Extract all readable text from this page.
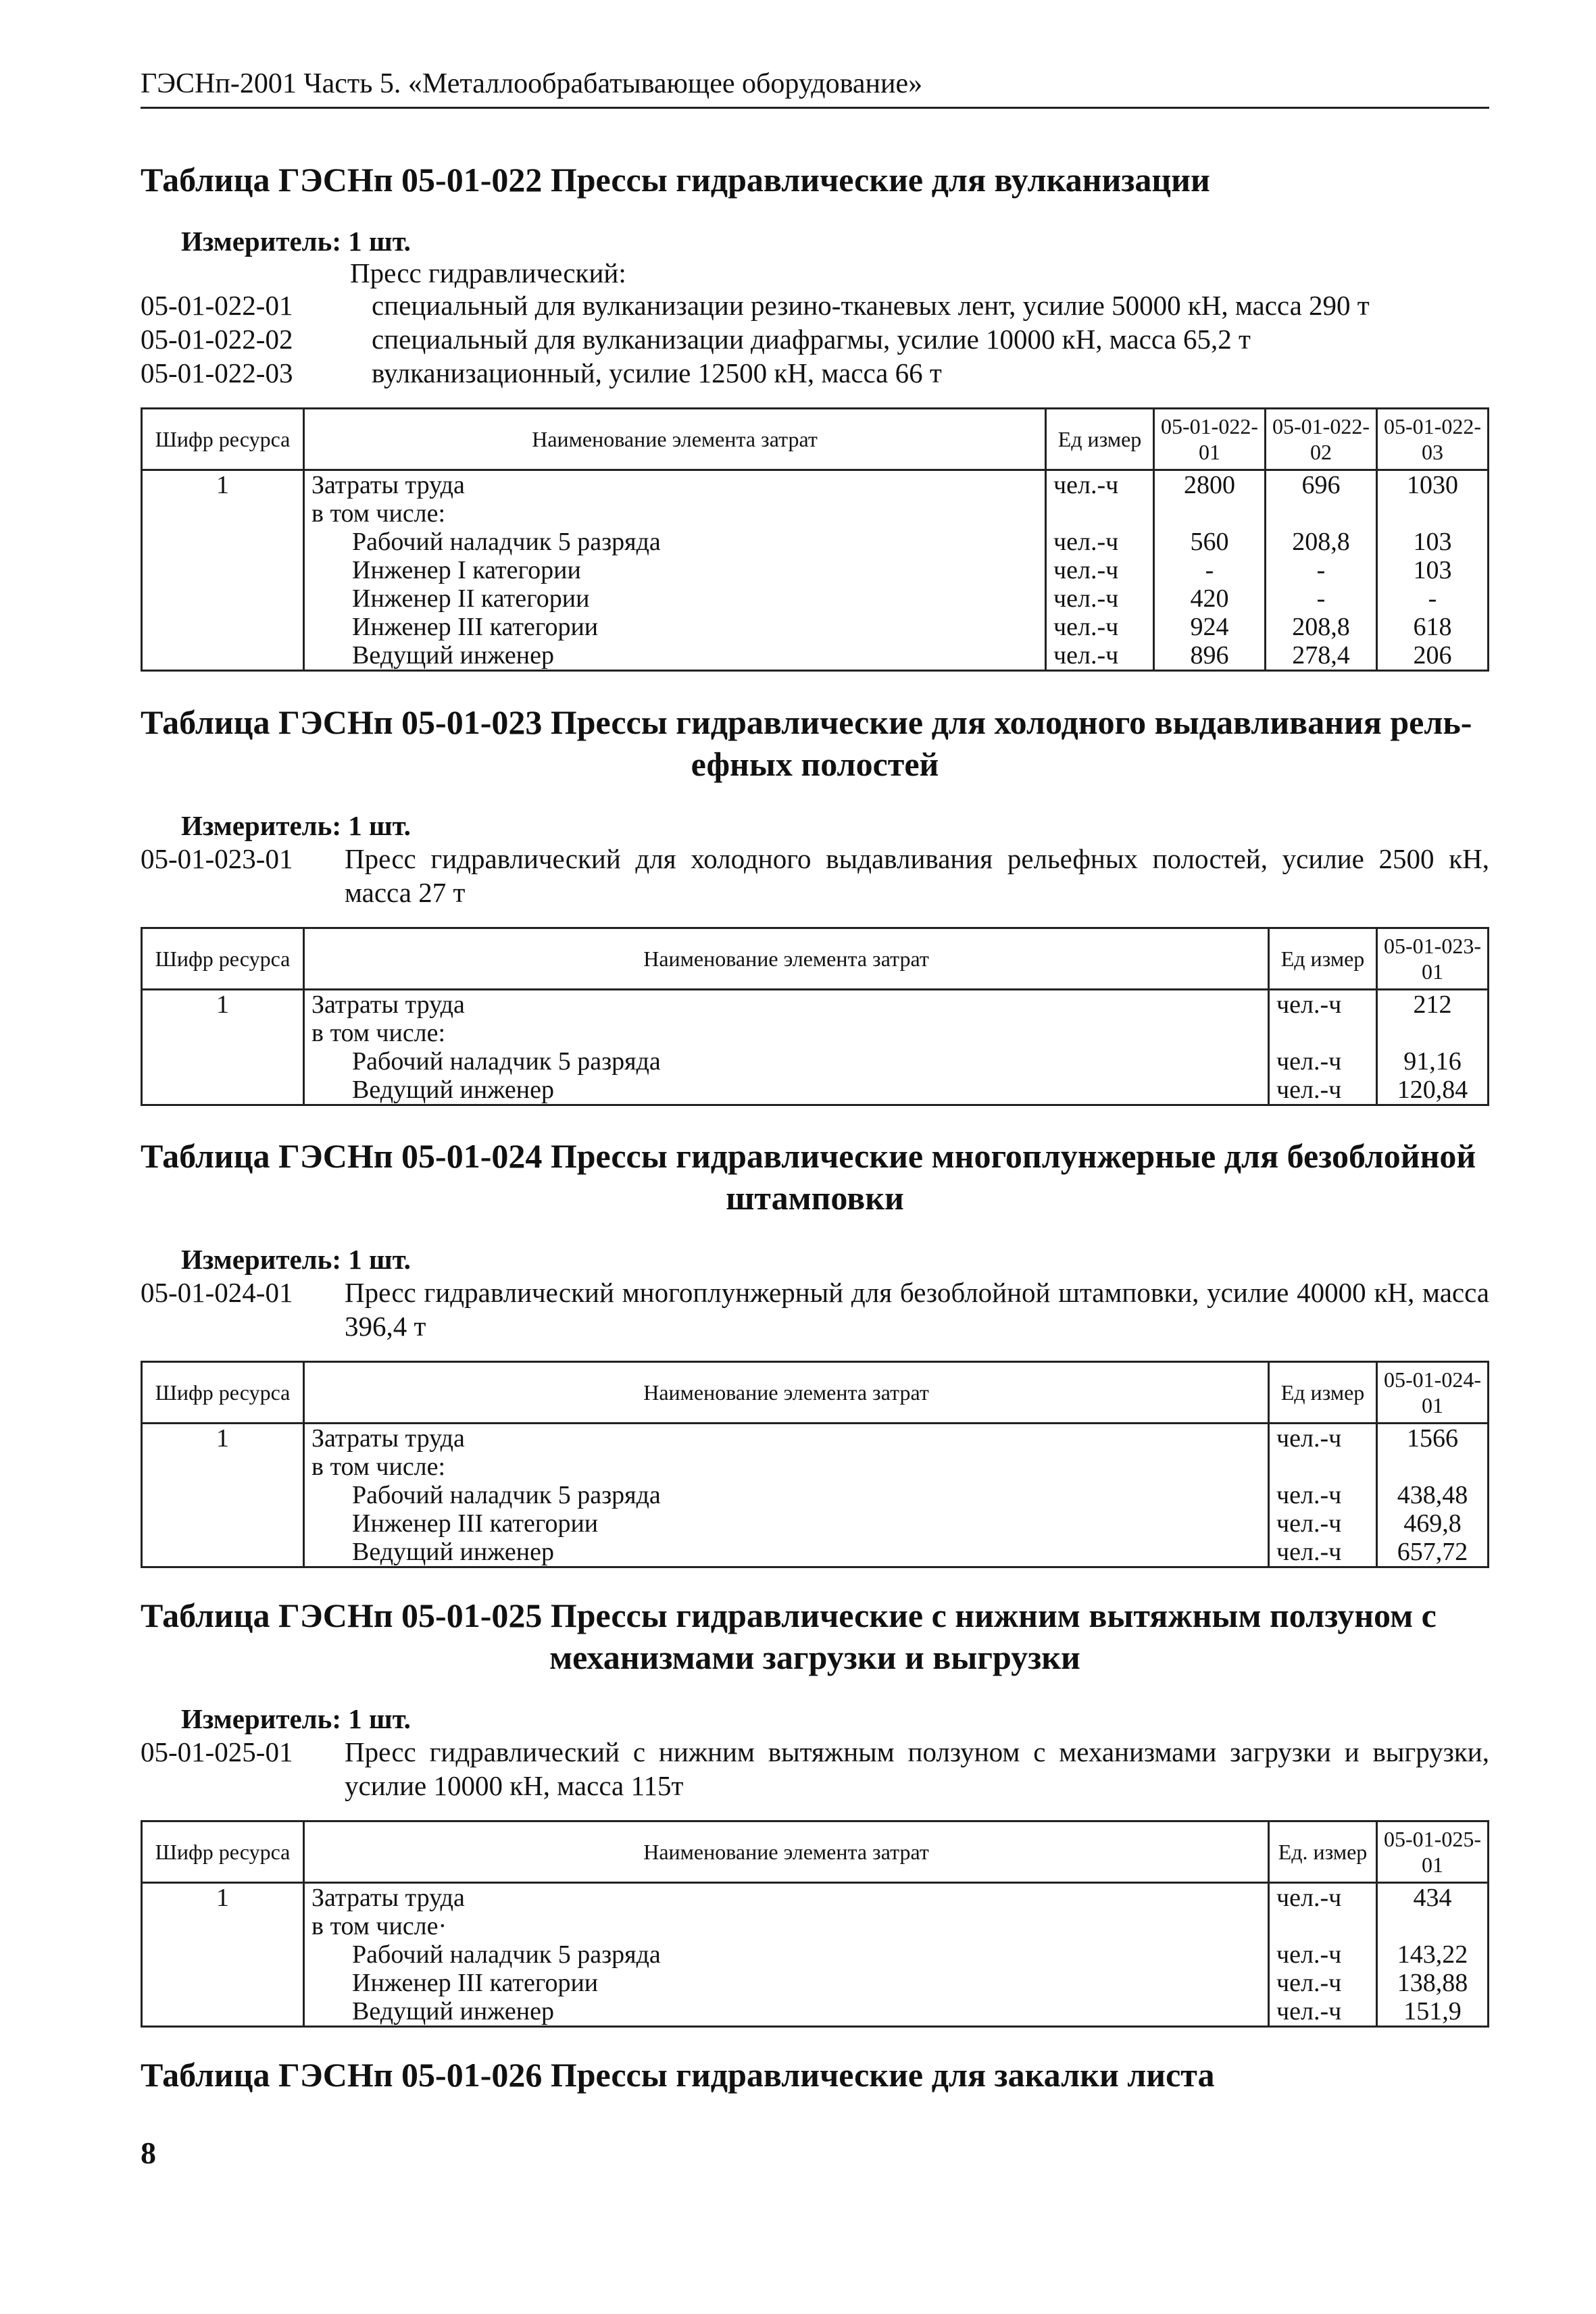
ГЭСНп-2001 Часть 5. «Металлообрабатывающее оборудование»

Таблица ГЭСНп 05-01-022 Прессы гидравлические для вулканизации

Измеритель: 1 шт.
Пресс гидравлический:
05-01-022-01	специальный для вулканизации резино-тканевых лент, усилие 50000 кН, масса 290 т
05-01-022-02	специальный для вулканизации диафрагмы, усилие 10000 кН, масса 65,2 т
05-01-022-03	вулканизационный, усилие 12500 кН, масса 66 т
Шифр ресурса	Наименование элемента затрат	Ед измер	05-01-022-01	05-01-022-02	05-01-022-03
1	Затраты труда	чел.-ч	2800	696	1030
	в том числе:				
	Рабочий наладчик 5 разряда	чел.-ч	560	208,8	103
	Инженер I категории	чел.-ч	-	-	103
	Инженер II категории	чел.-ч	420	-	-
	Инженер III категории	чел.-ч	924	208,8	618
	Ведущий инженер	чел.-ч	896	278,4	206

Таблица ГЭСНп 05-01-023 Прессы гидравлические для холодного выдавливания рель-

ефных полостей

Измеритель: 1 шт.
05-01-023-01	Пресс гидравлический для холодного выдавливания рельефных полостей, усилие 2500 кН, масса 27 т
Шифр ресурса	Наименование элемента затрат	Ед измер	05-01-023-01
1	Затраты труда	чел.-ч	212
	в том числе:		
	Рабочий наладчик 5 разряда	чел.-ч	91,16
	Ведущий инженер	чел.-ч	120,84

Таблица ГЭСНп 05-01-024 Прессы гидравлические многоплунжерные для безоблойной

штамповки

Измеритель: 1 шт.
05-01-024-01	Пресс гидравлический многоплунжерный для безоблойной штамповки, усилие 40000 кН, масса 396,4 т
Шифр ресурса	Наименование элемента затрат	Ед измер	05-01-024-01
1	Затраты труда	чел.-ч	1566
	в том числе:		
	Рабочий наладчик 5 разряда	чел.-ч	438,48
	Инженер III категории	чел.-ч	469,8
	Ведущий инженер	чел.-ч	657,72

Таблица ГЭСНп 05-01-025 Прессы гидравлические с нижним вытяжным ползуном с

механизмами загрузки и выгрузки

Измеритель: 1 шт.
05-01-025-01	Пресс гидравлический с нижним вытяжным ползуном с механизмами загрузки и выгрузки, усилие 10000 кН, масса 115т
Шифр ресурса	Наименование элемента затрат	Ед. измер	05-01-025-01
1	Затраты труда	чел.-ч	434
	в том числе·		
	Рабочий наладчик 5 разряда	чел.-ч	143,22
	Инженер III категории	чел.-ч	138,88
	Ведущий инженер	чел.-ч	151,9

Таблица ГЭСНп 05-01-026 Прессы гидравлические для закалки листа

8
